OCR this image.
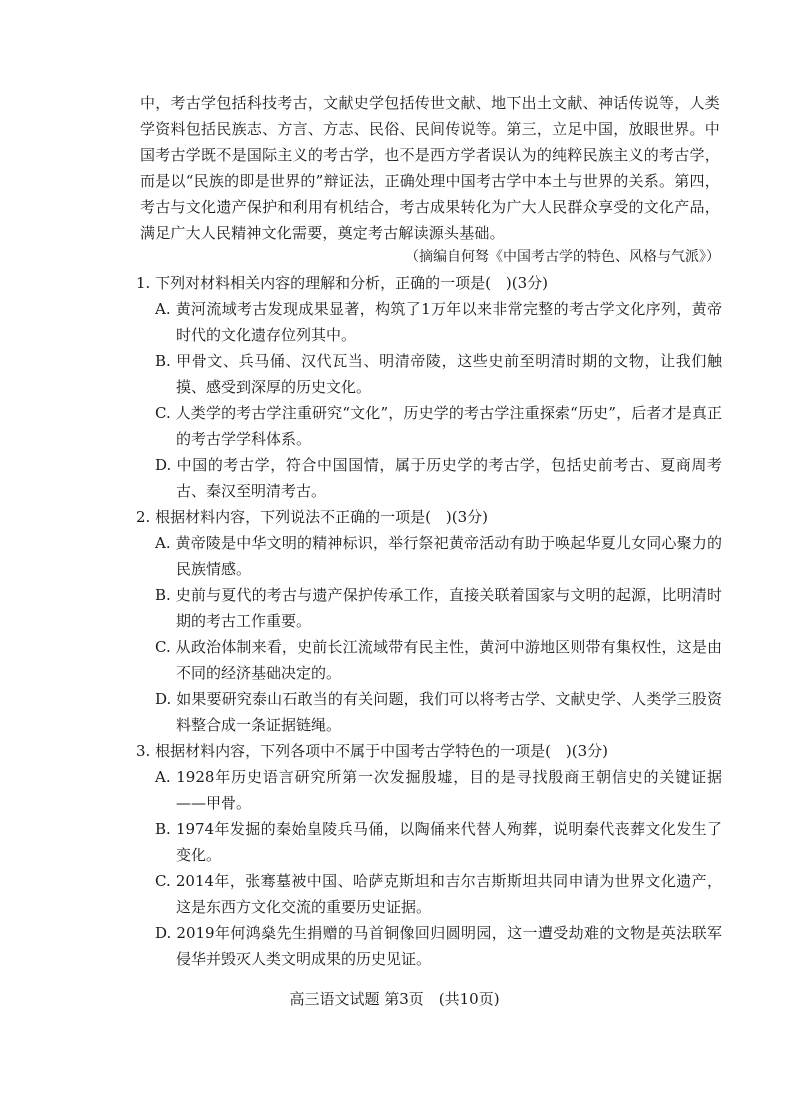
中，考古学包括科技考古，文献史学包括传世文献、地下出土文献、神话传说等，人类学资料包括民族志、方言、方志、民俗、民间传说等。第三，立足中国，放眼世界。中国考古学既不是国际主义的考古学，也不是西方学者误认为的纯粹民族主义的考古学，而是以“民族的即是世界的”辩证法，正确处理中国考古学中本土与世界的关系。第四，考古与文化遗产保护和利用有机结合，考古成果转化为广大人民群众享受的文化产品，满足广大人民精神文化需要，奠定考古解读源头基础。

（摘编自何驽《中国考古学的特色、风格与气派》）

1. 下列对材料相关内容的理解和分析，正确的一项是(　)(3分)

A. 黄河流域考古发现成果显著，构筑了1万年以来非常完整的考古学文化序列，黄帝时代的文化遗存位列其中。

B. 甲骨文、兵马俑、汉代瓦当、明清帝陵，这些史前至明清时期的文物，让我们触摸、感受到深厚的历史文化。

C. 人类学的考古学注重研究“文化”，历史学的考古学注重探索“历史”，后者才是真正的考古学学科体系。

D. 中国的考古学，符合中国国情，属于历史学的考古学，包括史前考古、夏商周考古、秦汉至明清考古。

2. 根据材料内容，下列说法不正确的一项是(　)(3分)

A. 黄帝陵是中华文明的精神标识，举行祭祀黄帝活动有助于唤起华夏儿女同心聚力的民族情感。

B. 史前与夏代的考古与遗产保护传承工作，直接关联着国家与文明的起源，比明清时期的考古工作重要。

C. 从政治体制来看，史前长江流域带有民主性，黄河中游地区则带有集权性，这是由不同的经济基础决定的。

D. 如果要研究泰山石敢当的有关问题，我们可以将考古学、文献史学、人类学三股资料整合成一条证据链绳。

3. 根据材料内容，下列各项中不属于中国考古学特色的一项是(　)(3分)

A. 1928年历史语言研究所第一次发掘殷墟，目的是寻找殷商王朝信史的关键证据——甲骨。

B. 1974年发掘的秦始皇陵兵马俑，以陶俑来代替人殉葬，说明秦代丧葬文化发生了变化。

C. 2014年，张骞墓被中国、哈萨克斯坦和吉尔吉斯斯坦共同申请为世界文化遗产，这是东西方文化交流的重要历史证据。

D. 2019年何鸿燊先生捐赠的马首铜像回归圆明园，这一遭受劫难的文物是英法联军侵华并毁灭人类文明成果的历史见证。

高三语文试题 第3页　(共10页)
